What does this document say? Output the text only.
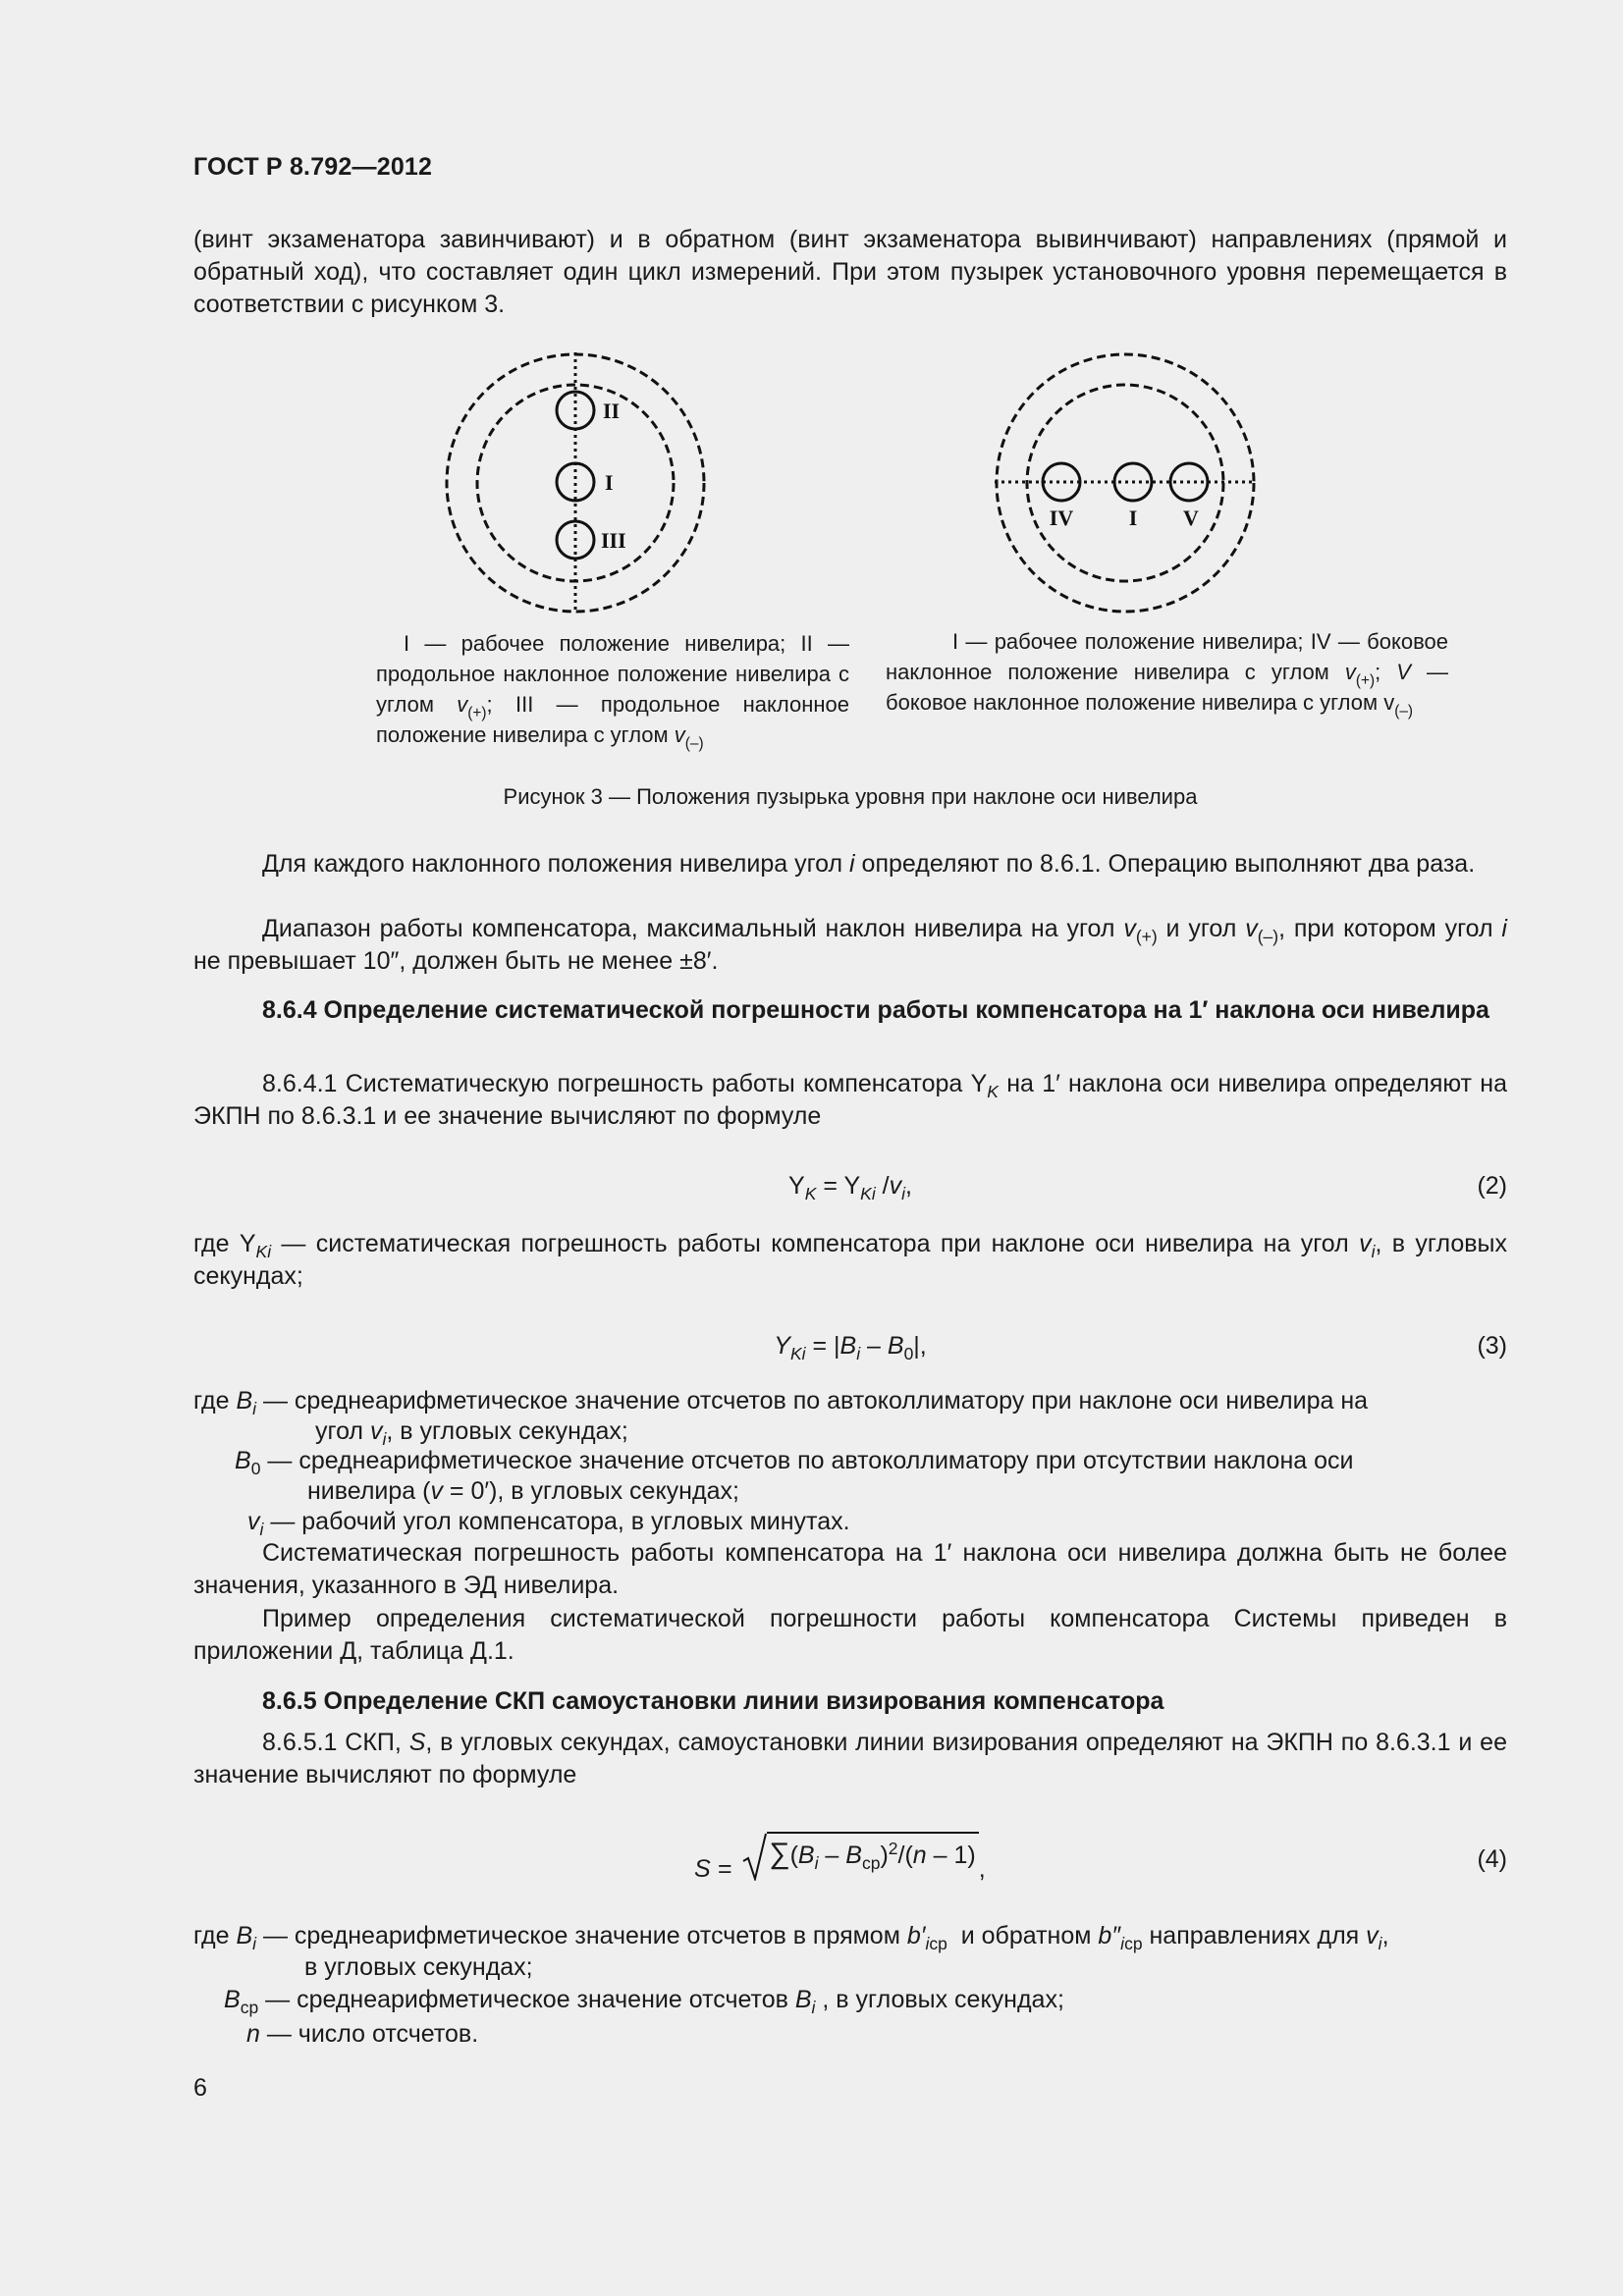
ГОСТ Р 8.792—2012
(винт экзаменатора завинчивают) и в обратном (винт экзаменатора вывинчивают) направлениях (прямой и обратный ход), что составляет один цикл измерений. При этом пузырек установочного уровня перемещается в соответствии с рисунком 3.
II
I
III
IV	I V
I — рабочее положение нивелира; II — продольное наклонное положение нивелира с углом $v_{(+)}$; III — продольное наклонное положение нивелира с углом $v_{(-)}$
I — рабочее положение нивелира; IV — боковое наклонное положение нивелира с углом $v_{(+)}$; V — боковое наклонное положение нивелира с углом $v_{(-)}$
Рисунок 3 — Положения пузырька уровня при наклоне оси нивелира
Для каждого наклонного положения нивелира угол i определяют по 8.6.1. Операцию выполняют два раза.
Диапазон работы компенсатора, максимальный наклон нивелира на угол $v_{(+)}$ и угол $v_{(-)}$, при котором угол i не превышает 10″, должен быть не менее ±8′.
8.6.4 Определение систематической погрешности работы компенсатора на 1′ наклона оси нивелира
8.6.4.1 Систематическую погрешность работы компенсатора $Y_K$ на 1′ наклона оси нивелира определяют на ЭКПН по 8.6.3.1 и ее значение вычисляют по формуле
$Y_K = Y_{Ki}$ $/v_i$,	(2)
где $Y_{Ki}$ — систематическая погрешность работы компенсатора при наклоне оси нивелира на угол $v_i$, в угловых секундах;
$Y_{Ki} = |B_i - B_0|$,	(3)
где $B_i$ — среднеарифметическое значение отсчетов по автоколлиматору при наклоне оси нивелира на
угол $v_i$, в угловых секундах;
$B_0$ — среднеарифметическое значение отсчетов по автоколлиматору при отсутствии наклона оси
нивелира (v = 0′), в угловых секундах;
$v_i$ — рабочий угол компенсатора, в угловых минутах.
Систематическая погрешность работы компенсатора на 1′ наклона оси нивелира должна быть не более значения, указанного в ЭД нивелира.
Пример определения систематической погрешности работы компенсатора Системы приведен в приложении Д, таблица Д.1.
8.6.5 Определение СКП самоустановки линии визирования компенсатора
8.6.5.1 СКП, S, в угловых секундах, самоустановки линии визирования определяют на ЭКПН по 8.6.3.1 и ее значение вычисляют по формуле
$S = \sum(B_i - B_{ср})^2/(n - 1)$ ,	(4)
где $B_i$ — среднеарифметическое значение отсчетов в прямом $b'_{iср}$  и обратном $b''_{iср}$ направлениях для $v_i$,
в угловых секундах;
$B_{ср}$ — среднеарифметическое значение отсчетов $B_i$ , в угловых секундах;
n — число отсчетов.
6
